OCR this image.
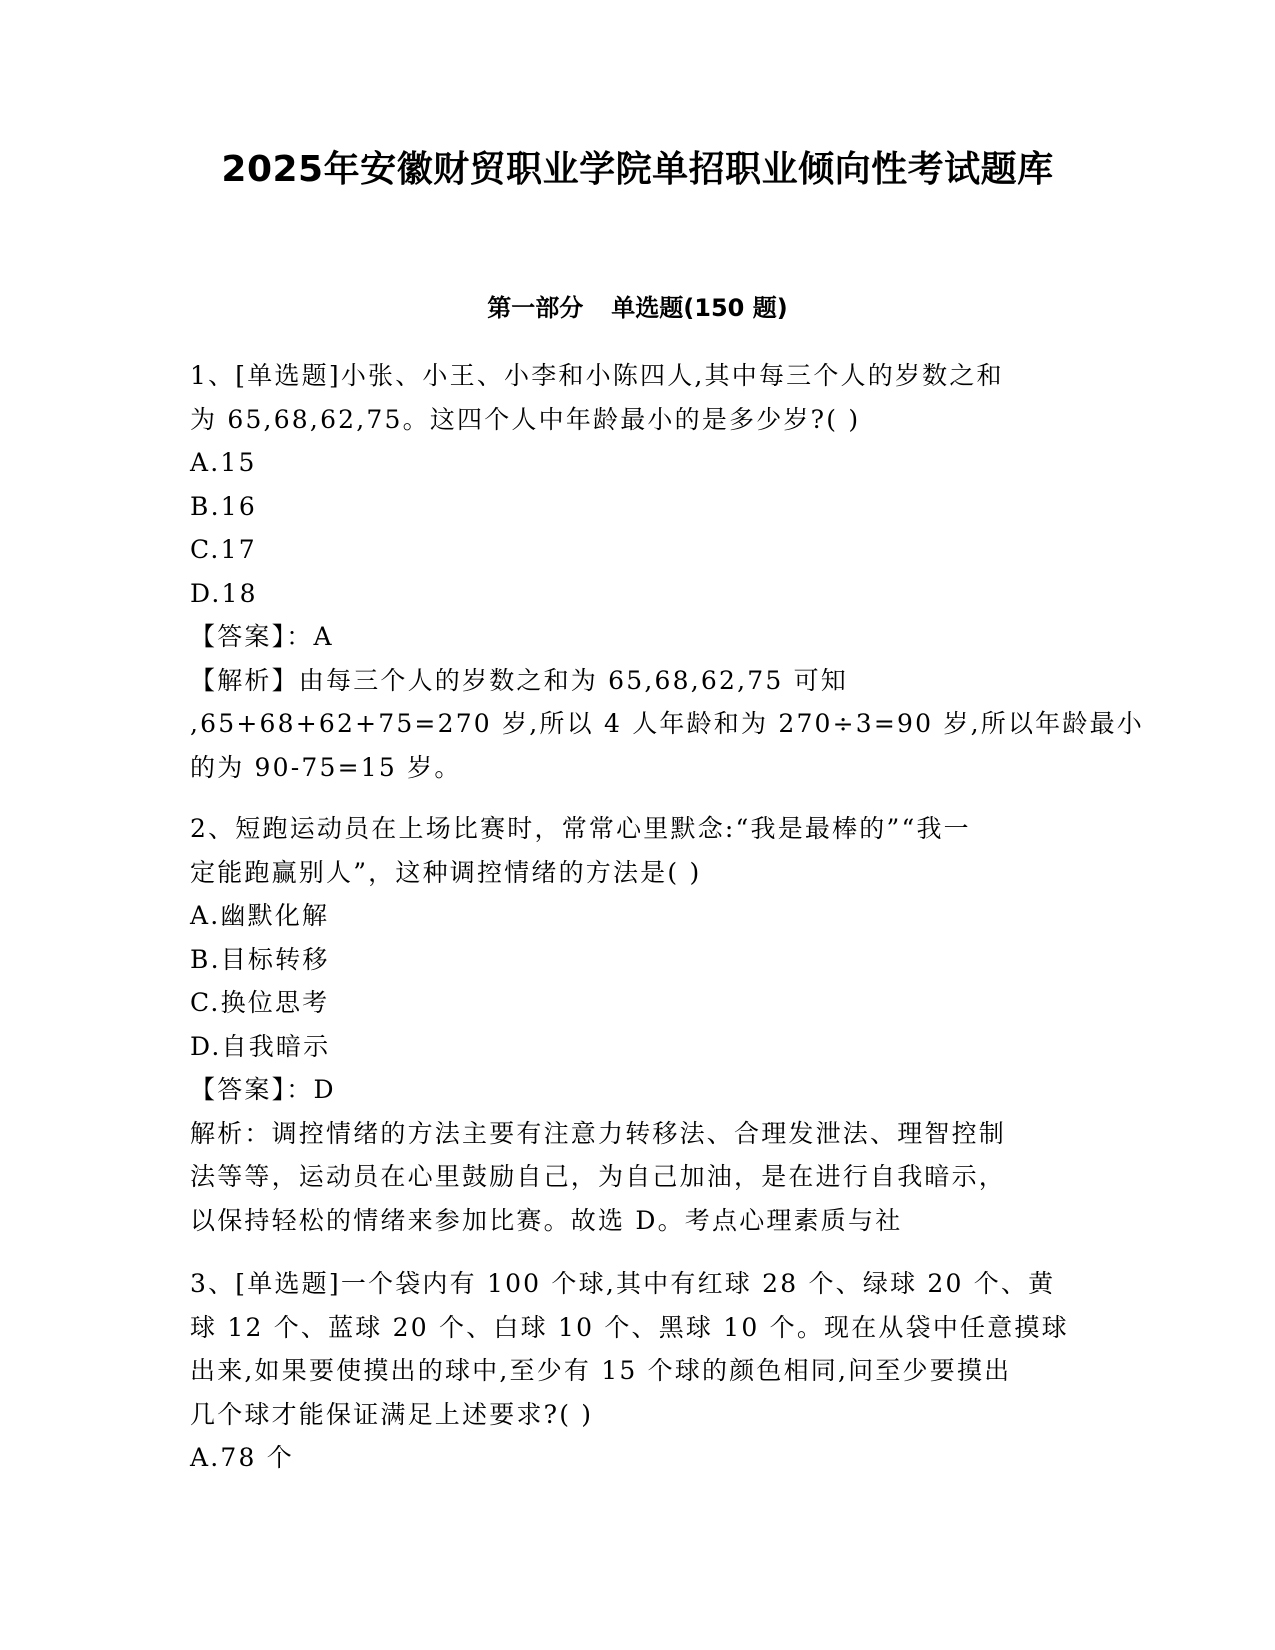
2025年安徽财贸职业学院单招职业倾向性考试题库
第一部分 单选题(150 题)
1、[单选题]小张、小王、小李和小陈四人,其中每三个人的岁数之和
为 65,68,62,75。这四个人中年龄最小的是多少岁?( )
A.15
B.16
C.17
D.18
【答案】：A
【解析】由每三个人的岁数之和为 65,68,62,75 可知
,65+68+62+75=270 岁,所以 4 人年龄和为 270÷3=90 岁,所以年龄最小
的为 90-75=15 岁。
2、短跑运动员在上场比赛时，常常心里默念:“我是最棒的”“我一
定能跑赢别人”，这种调控情绪的方法是( )
A.幽默化解
B.目标转移
C.换位思考
D.自我暗示
【答案】：D
解析：调控情绪的方法主要有注意力转移法、合理发泄法、理智控制
法等等，运动员在心里鼓励自己，为自己加油，是在进行自我暗示，
以保持轻松的情绪来参加比赛。故选 D。考点心理素质与社
3、[单选题]一个袋内有 100 个球,其中有红球 28 个、绿球 20 个、黄
球 12 个、蓝球 20 个、白球 10 个、黑球 10 个。现在从袋中任意摸球
出来,如果要使摸出的球中,至少有 15 个球的颜色相同,问至少要摸出
几个球才能保证满足上述要求?( )
A.78 个
